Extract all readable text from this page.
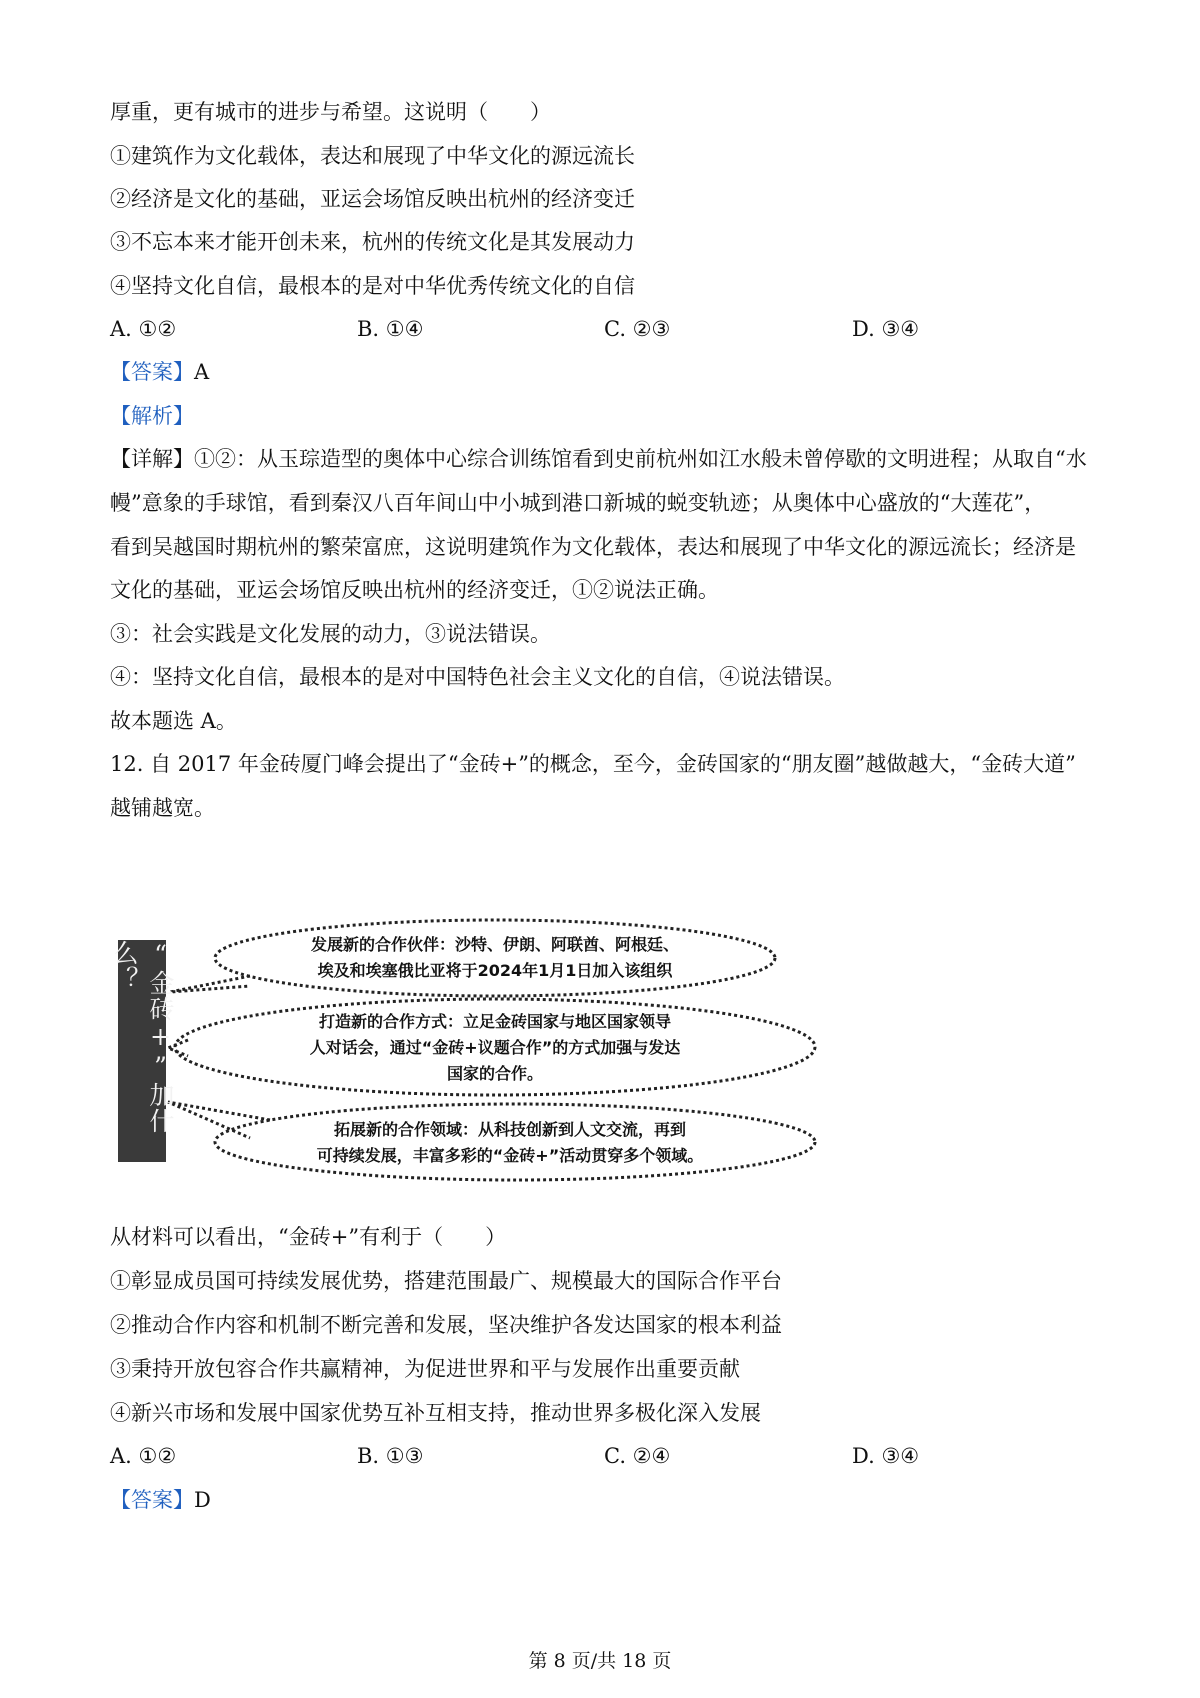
厚重，更有城市的进步与希望。这说明（　　）
①建筑作为文化载体，表达和展现了中华文化的源远流长
②经济是文化的基础，亚运会场馆反映出杭州的经济变迁
③不忘本来才能开创未来，杭州的传统文化是其发展动力
④坚持文化自信，最根本的是对中华优秀传统文化的自信
A. ①②	B. ①④	C. ②③	D. ③④
【答案】A
【解析】
【详解】①②：从玉琮造型的奥体中心综合训练馆看到史前杭州如江水般未曾停歇的文明进程；从取自“水
幔”意象的手球馆，看到秦汉八百年间山中小城到港口新城的蜕变轨迹；从奥体中心盛放的“大莲花”，
看到吴越国时期杭州的繁荣富庶，这说明建筑作为文化载体，表达和展现了中华文化的源远流长；经济是
文化的基础，亚运会场馆反映出杭州的经济变迁，①②说法正确。
③：社会实践是文化发展的动力，③说法错误。
④：坚持文化自信，最根本的是对中国特色社会主义文化的自信，④说法错误。
故本题选 A。
12. 自 2017 年金砖厦门峰会提出了“金砖+”的概念，至今，金砖国家的“朋友圈”越做越大，“金砖大道”
越铺越宽。
“金砖+”加什么？	发展新的合作伙伴：沙特、伊朗、阿联酋、阿根廷、
埃及和埃塞俄比亚将于2024年1月1日加入该组织
打造新的合作方式：立足金砖国家与地区国家领导
人对话会，通过“金砖+议题合作”的方式加强与发达
国家的合作。
拓展新的合作领域：从科技创新到人文交流，再到
可持续发展，丰富多彩的“金砖+”活动贯穿多个领域。
从材料可以看出，“金砖+”有利于（　　）
①彰显成员国可持续发展优势，搭建范围最广、规模最大的国际合作平台
②推动合作内容和机制不断完善和发展，坚决维护各发达国家的根本利益
③秉持开放包容合作共赢精神，为促进世界和平与发展作出重要贡献
④新兴市场和发展中国家优势互补互相支持，推动世界多极化深入发展
A. ①②	B. ①③	C. ②④	D. ③④
【答案】D
第 8 页/共 18 页
